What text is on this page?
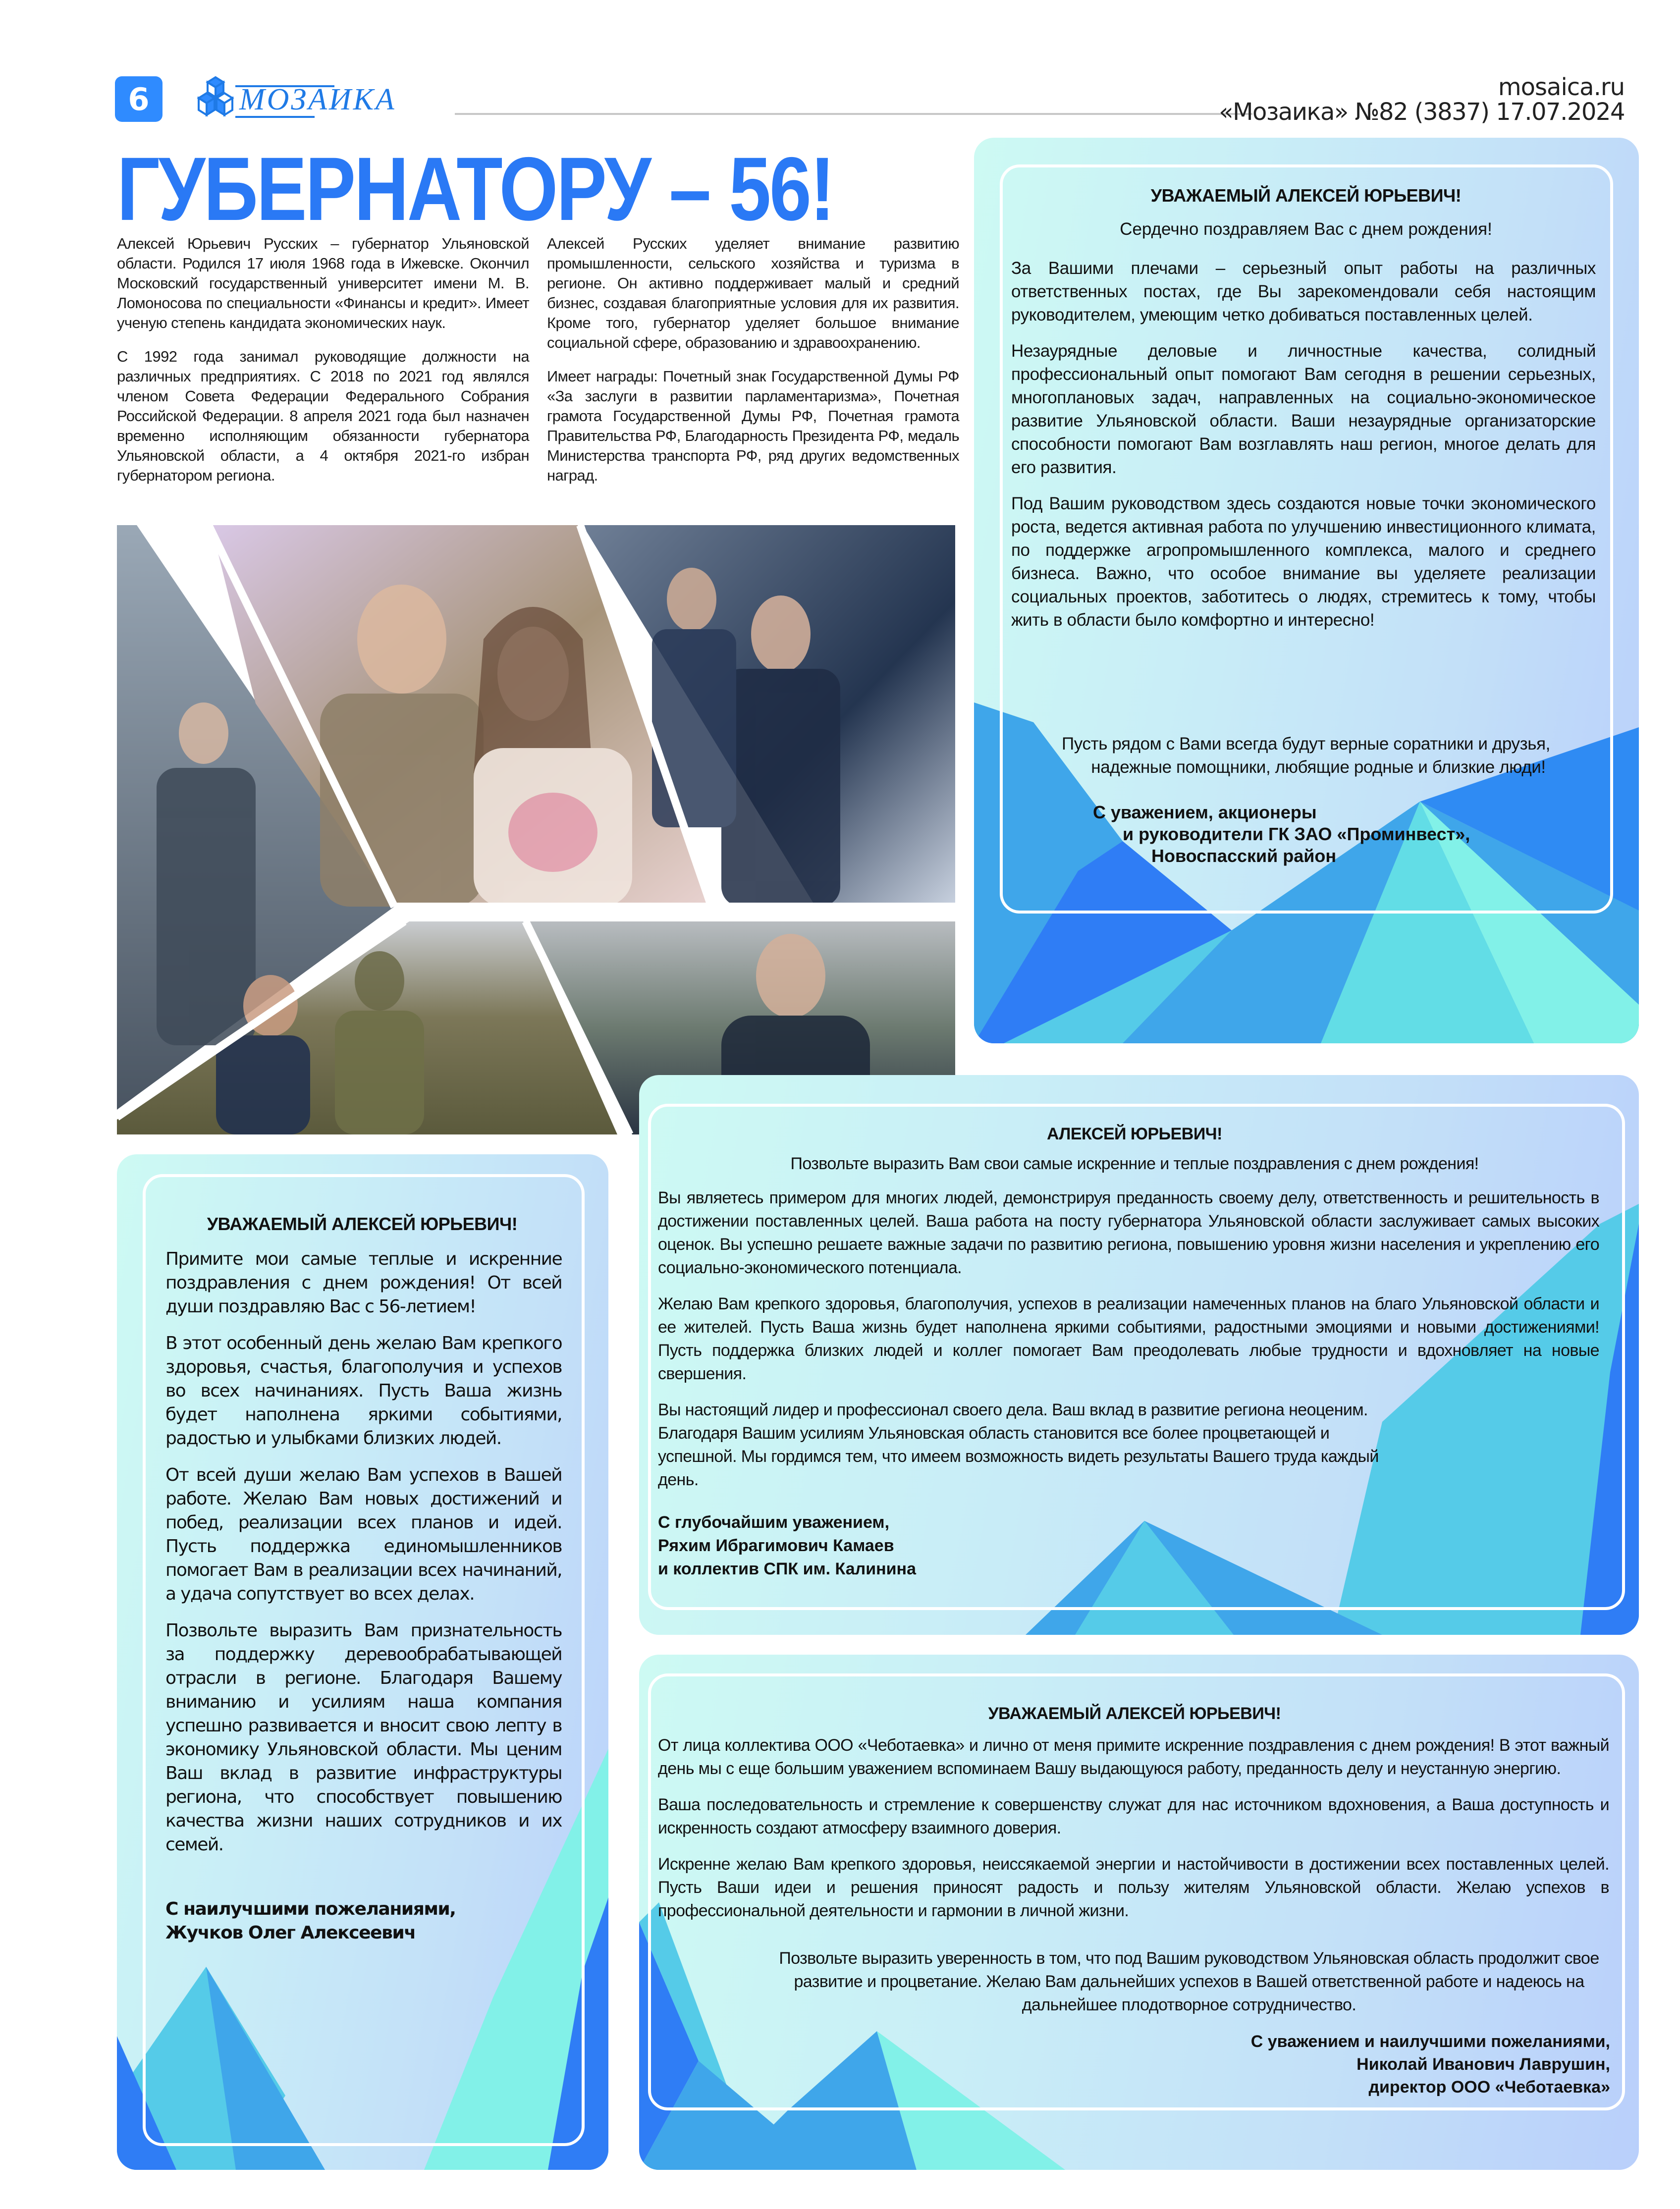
6	МОЗАИКА	mosaica.ru
«Мозаика» №82 (3837) 17.07.2024
ГУБЕРНАТОРУ – 56!

Алексей Юрьевич Русских – губернатор Ульяновской области. Родился 17 июля 1968 года в Ижевске. Окончил Московский государственный университет имени М. В. Ломоносова по специальности «Финансы и кредит». Имеет ученую степень кандидата экономических наук.

С 1992 года занимал руководящие должности на различных предприятиях. С 2018 по 2021 год являлся членом Совета Федерации Федерального Собрания Российской Федерации. 8 апреля 2021 года был назначен временно исполняющим обязанности губернатора Ульяновской области, а 4 октября 2021-го избран губернатором региона.

Алексей Русских уделяет внимание развитию промышленности, сельского хозяйства и туризма в регионе. Он активно поддерживает малый и средний бизнес, создавая благоприятные условия для их развития. Кроме того, губернатор уделяет большое внимание социальной сфере, образованию и здравоохранению.

Имеет награды: Почетный знак Государственной Думы РФ «За заслуги в развитии парламентаризма», Почетная грамота Государственной Думы РФ, Почетная грамота Правительства РФ, Благодарность Президента РФ, медаль Министерства транспорта РФ, ряд других ведомственных наград.

УВАЖАЕМЫЙ АЛЕКСЕЙ ЮРЬЕВИЧ!
Сердечно поздравляем Вас с днем рождения!

За Вашими плечами – серьезный опыт работы на различных ответственных постах, где Вы зарекомендовали себя настоящим руководителем, умеющим четко добиваться поставленных целей.

Незаурядные деловые и личностные качества, солидный профессиональный опыт помогают Вам сегодня в решении серьезных, многоплановых задач, направленных на социально-экономическое развитие Ульяновской области. Ваши незаурядные организаторские способности помогают Вам возглавлять наш регион, многое делать для его развития.

Под Вашим руководством здесь создаются новые точки экономического роста, ведется активная работа по улучшению инвестиционного климата, по поддержке агропромышленного комплекса, малого и среднего бизнеса. Важно, что особое внимание вы уделяете реализации социальных проектов, заботитесь о людях, стремитесь к тому, чтобы жить в области было комфортно и интересно!

Пусть рядом с Вами всегда будут верные соратники и друзья,
надежные помощники, любящие родные и близкие люди!
С уважением, акционеры
и руководители ГК ЗАО «Проминвест»,
Новоспасский район
УВАЖАЕМЫЙ АЛЕКСЕЙ ЮРЬЕВИЧ!

Примите мои самые теплые и искренние поздравления с днем рождения! От всей души поздравляю Вас с 56-летием!

В этот особенный день желаю Вам крепкого здоровья, счастья, благополучия и успехов во всех начинаниях. Пусть Ваша жизнь будет наполнена яркими событиями, радостью и улыбками близких людей.

От всей души желаю Вам успехов в Вашей работе. Желаю Вам новых достижений и побед, реализации всех планов и идей. Пусть поддержка единомышленников помогает Вам в реализации всех начинаний, а удача сопутствует во всех делах.

Позвольте выразить Вам признательность за поддержку деревообрабатывающей отрасли в регионе. Благодаря Вашему вниманию и усилиям наша компания успешно развивается и вносит свою лепту в экономику Ульяновской области. Мы ценим Ваш вклад в развитие инфраструктуры региона, что способствует повышению качества жизни наших сотрудников и их семей.

С наилучшими пожеланиями,
Жучков Олег Алексеевич
АЛЕКСЕЙ ЮРЬЕВИЧ!
Позвольте выразить Вам свои самые искренние и теплые поздравления с днем рождения!

Вы являетесь примером для многих людей, демонстрируя преданность своему делу, ответственность и решительность в достижении поставленных целей. Ваша работа на посту губернатора Ульяновской области заслуживает самых высоких оценок. Вы успешно решаете важные задачи по развитию региона, повышению уровня жизни населения и укреплению его социально-экономического потенциала.

Желаю Вам крепкого здоровья, благополучия, успехов в реализации намеченных планов на благо Ульяновской области и ее жителей. Пусть Ваша жизнь будет наполнена яркими событиями, радостными эмоциями и новыми достижениями! Пусть поддержка близких людей и коллег помогает Вам преодолевать любые трудности и вдохновляет на новые свершения.

Вы настоящий лидер и профессионал своего дела. Ваш вклад в развитие региона неоценим. Благодаря Вашим усилиям Ульяновская область становится все более процветающей и успешной. Мы гордимся тем, что имеем возможность видеть результаты Вашего труда каждый день.

С глубочайшим уважением,
Ряхим Ибрагимович Камаев
и коллектив СПК им. Калинина
УВАЖАЕМЫЙ АЛЕКСЕЙ ЮРЬЕВИЧ!

От лица коллектива ООО «Чеботаевка» и лично от меня примите искренние поздравления с днем рождения! В этот важный день мы с еще большим уважением вспоминаем Вашу выдающуюся работу, преданность делу и неустанную энергию.

Ваша последовательность и стремление к совершенству служат для нас источником вдохновения, а Ваша доступность и искренность создают атмосферу взаимного доверия.

Искренне желаю Вам крепкого здоровья, неиссякаемой энергии и настойчивости в достижении всех поставленных целей. Пусть Ваши идеи и решения приносят радость и пользу жителям Ульяновской области. Желаю успехов в профессиональной деятельности и гармонии в личной жизни.

Позвольте выразить уверенность в том, что под Вашим руководством Ульяновская область продолжит свое развитие и процветание. Желаю Вам дальнейших успехов в Вашей ответственной работе и надеюсь на дальнейшее плодотворное сотрудничество.
С уважением и наилучшими пожеланиями,
Николай Иванович Лаврушин,
директор ООО «Чеботаевка»
